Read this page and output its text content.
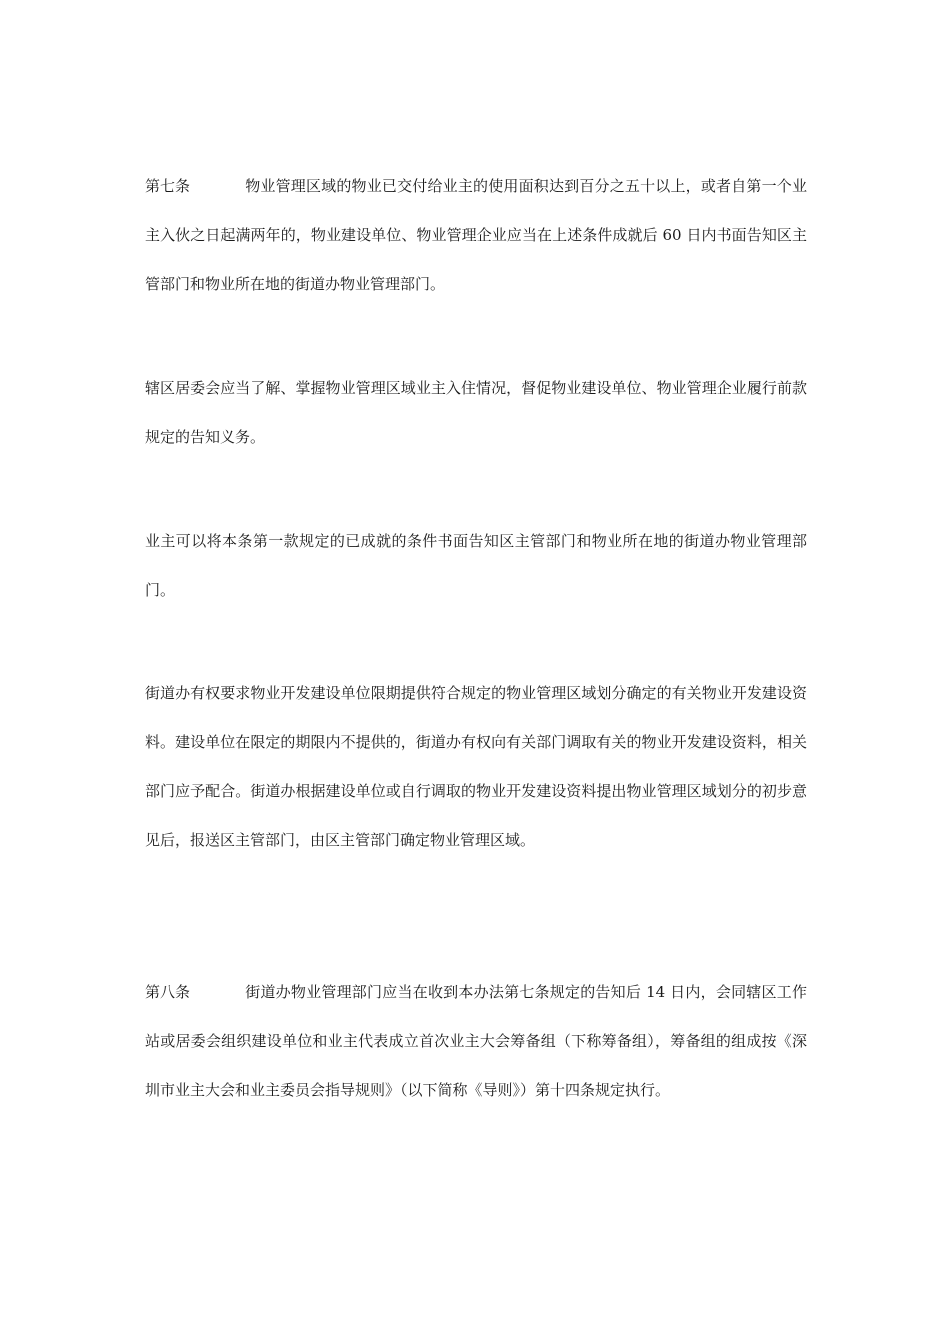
第七条	物业管理区域的物业已交付给业主的使用面积达到百分之五十以上，或者自第一个业主入伙之日起满两年的，物业建设单位、物业管理企业应当在上述条件成就后 60 日内书面告知区主管部门和物业所在地的街道办物业管理部门。

辖区居委会应当了解、掌握物业管理区域业主入住情况，督促物业建设单位、物业管理企业履行前款规定的告知义务。

业主可以将本条第一款规定的已成就的条件书面告知区主管部门和物业所在地的街道办物业管理部门。

街道办有权要求物业开发建设单位限期提供符合规定的物业管理区域划分确定的有关物业开发建设资料。建设单位在限定的期限内不提供的，街道办有权向有关部门调取有关的物业开发建设资料，相关部门应予配合。街道办根据建设单位或自行调取的物业开发建设资料提出物业管理区域划分的初步意见后，报送区主管部门，由区主管部门确定物业管理区域。

第八条	街道办物业管理部门应当在收到本办法第七条规定的告知后 14 日内，会同辖区工作站或居委会组织建设单位和业主代表成立首次业主大会筹备组（下称筹备组），筹备组的组成按《深圳市业主大会和业主委员会指导规则》（以下简称《导则》）第十四条规定执行。
